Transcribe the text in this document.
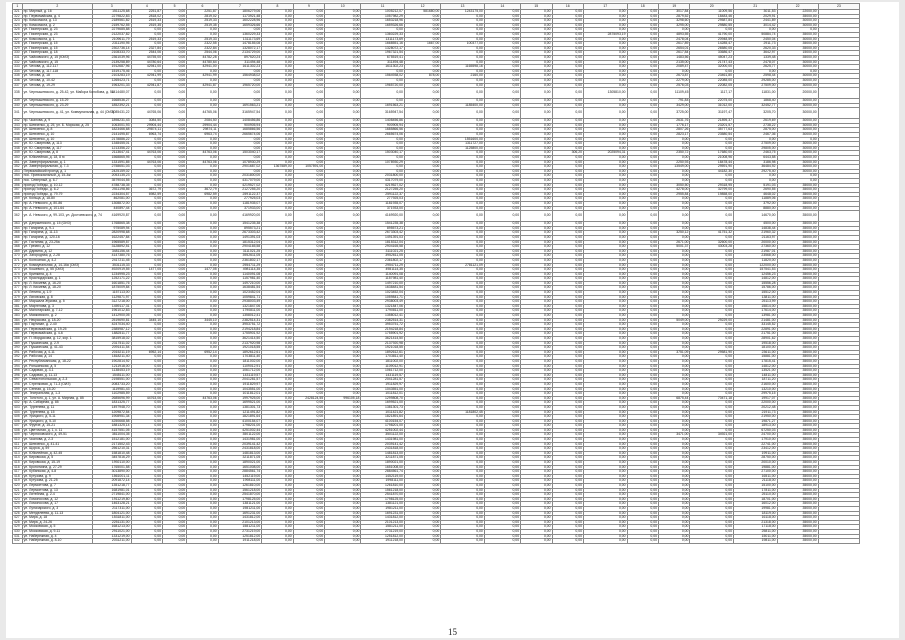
1	2	3	4	5	6	7	8	9	10	11	12	13	14	15	16	17	18	19	20	21	22	23
321	пр. Мирный, д. 16	1511125,68	2251,87	0,00	2251,87	1806279,06	0,00	0,00	0,00	1005212,07	581680,00	1243175,00	0,00	0,00	0,00	0,00	0,00	3017,84	11009,56	3011,53	22000,00	
322	пр. Первомайская, д. 4	2279822,83	2818,02	0,00	2819,02	1173921,48	0,00	0,00	0,00	1057982,29	0,00	0,00	0,00	0,00	0,00	0,00	0,00	2879,52	18483,46	2029,91	35000,00	
323	пр. Комсомола, д. 13	2189561,82	2519,33	0,00	2519,33	1602228,96	0,00	0,00	0,00	1653218,96	0,00	0,00	0,00	0,00	0,00	0,00	0,00	3298,60	29587,84	2441,89	30000,00	
324	пр. Комсомола, д. 2	2159762,55	2519,35	0,00	2519,35	1659326,66	0,00	0,00	0,00	1659326,66	0,00	0,00	0,00	0,00	0,00	0,00	0,00	3295,00	29880,55	3014,42	30000,00	
325	ул. Пионерская, д. 23	2279685,88	0,00	0,00	0,00	0,00	0,00	0,00	0,00	0,00	0,00	0,00	0,00	0,00	0,00	0,00	0,00	0,00	0,00	0,00	0,00	
326	ул. Пионерская, д. 23	2122037,82	0,00	0,00	0,00	1360229,33	0,00	0,00	0,00	1360229,33	0,00	0,00	0,00	0,00	0,00	2875093,19	0,00	4893,55	41790,00	50884,74	35000,00	
327	ул. Комсомола, д. 1	2109611,79	2519,33	0,00	2519,33	1311173,69	0,00	0,00	0,00	1311173,69	0,00	0,00	0,00	0,00	0,00	0,00	0,00	2478,04	20948,59	2450,04	30000,00	
328	ул. Пионерская, д. 15	2311190,95	0,00	0,00	2322,55	1478155,08	0,00	0,00	0,00	1668551,16	1667,00	100377,00	0,00	0,00	0,00	0,00	0,00	2617,89	14285,47	2911,73	35000,00	
329	ул. Пионерская, д. 15	2302736,14	2327,84	0,00	2322,84	1328072,17	0,00	0,00	0,00	1328072,17	0,00	0,00	0,00	0,00	0,00	0,00	0,00	2654,01	26580,05	2620,33	35000,00	
330	ул. Пионерская, д. 18	2108333,70	2544,06	0,00	2544,06	2134729,00	0,00	0,00	0,00	1967321,54	0,00	0,00	0,00	0,00	0,00	0,00	0,00	2617,84	33686,47	3642,97	15000,00	
331	ул. Чайковского, д. 15 (ЮИЗ)	2361039,96	44755,00	0,00	44782,28	897520,24	0,00	0,00	0,00	675519,41	0,00	0,00	0,00	0,00	0,00	0,00	0,00	1483,56	45047,23	1339,48	35000,00	
332	ул. Чайковского, д. 15	2139258,89	44780,64	0,00	44780,64	311494,48	0,00	0,00	0,00	311494,48	0,00	0,00	0,00	0,00	0,00	0,00	0,00	2135,00	21747,43	2478,07	30000,00	
333	ул. Чехова, д. 112-117	1912687,96	42941,00	0,00	42941,00	1611302,23	0,00	0,00	0,00	1611302,23	0,00	1165598,16	0,00	0,00	0,00	0,00	0,00	2089,47	32000,00	2625,77	30000,00	
334	ул. Чехова, д. 117-118	1519175,46	0,00	0,00	0,00	0,00	0,00	0,00	0,00	0,00	0,00	0,00	0,00	0,00	0,00	0,00	0,00	0,00	0,00	0,00	0,00	
335	ул. Чехова, д. 18	2103283,19	42941,99	0,00	42941,99	1564938,02	0,00	0,00	0,00	1564938,02	878,00	2160,00	0,00	0,00	0,00	0,00	0,00	2673,87	23461,80	2598,44	30000,00	
336	ул. Чехова, д. 10-42	1265423,71	0,00	0,00	0,00	0,00	0,00	0,00	0,00	0,00	0,00	0,00	0,00	0,00	0,00	0,00	0,00	2279,00	22085,00	29285,00	30000,00	
337	ул. Чехова, д. 19-29	1963201,33	42941,87	0,00	42941,87	1965720,00	0,00	0,00	0,00	1965720,00	0,00	0,00	0,00	0,00	0,00	0,00	0,00	2576,03	22082,05	27509,00	30000,00	
338	ул. Чернышевского, д. 25-42, ул. Майора Колобова, д. 54	1414480,07	0,00	0,00	0,00	0,00	0,00	0,00	0,00	0,00	0,00	0,00	0,00	0,00	0,00	1305810,00	0,00	11109,45	1117,17	11831,00	20000,00	
339	ул. Чернышевского, д. 15-29	1668536,27	0,00	0,00	0,00	0,00	0,00	0,00	0,00	0,00	0,00	0,00	0,00	0,00	0,00	0,00	0,00	791,84	22075,00	1868,40	30000,00	
340	ул. Чернышевского, д. 23-29	1852392,21	0,00	0,00	0,00	1691563,21	0,00	0,00	0,00	1691563,21	0,00	1185400,00	0,00	0,00	0,00	0,00	0,00	3429,00	31012,00	32452,77	30000,00	
341	ул. Чернышевского, д. 41, ул. Коммунальная, д. 44 (ОИЗ)	3085431,22	44765,06	0,00	44765,06	3165947,54	0,00	0,00	0,00	3165947,54	0,00	0,00	0,00	0,00	0,00	0,00	0,00	3725,00	31197,47	3205,70	30000,00	
342	пр. Чкалова, д. 9	1898231,43	3084,50	0,00	2084,50	1408456,86	0,00	0,00	0,00	1408456,86	0,00	0,00	0,00	0,00	0,00	0,00	0,00	2631,76	21895,37	2619,69	30000,00	
343	пр. Шевченко, д. 25, ул. Б. Морская, д. 25	1063001,93	29904,44	0,00	29904,44	900905,94	0,00	0,00	0,00	900905,94	0,00	0,00	0,00	0,00	0,00	0,00	0,00	1776,17	23201,57	2738,22	30000,00	
344	ул. Шевченко, д. 8	1823466,68	29874,11	0,00	29874,11	1685866,56	0,00	0,00	0,00	1685866,56	0,00	0,00	0,00	0,00	0,00	0,00	0,00	2807,26	35777,63	2875,00	30000,00	
345	ул. Шевченко, д. 10	2141495,87	6963,74	0,00	6963,74	2665674,06	0,00	0,00	0,00	2665674,06	0,00	0,00	0,00	0,00	0,00	0,00	0,00	2823,17	23580,54	2467,36	30000,00	
346	ул. Шевченко, д. 10	2178886,22	0,00	0,00	0,00	0,00	0,00	0,00	0,00	0,00	0,00	1551600,00	0,00	0,00	0,00	0,00	0,00	0,00	0,00	0,00	0,00	
347	ул. Ю. Смирнова, д. 113	1348455,01	0,00	0,00	0,00	0,00	0,00	0,00	0,00	0,00	0,00	1311727,00	0,00	0,00	0,00	0,00	0,00	0,00	0,00	27509,00	30000,00	
348	ул. Ю. Смирнова, д. 117	1213356,22	0,00	0,00	0,00	0,00	0,00	0,00	0,00	0,00	0,00	1125800,00	0,00	0,00	0,00	0,00	0,00	0,00	0,00	29805,00	30000,00	
349	ул. Ю. Смирнова, д. 8	2113647,41	44763,06	0,00	44763,06	1503040,17	0,00	0,00	0,00	1503040,17	0,00	0,00	0,00	0,00	306,20	2025094,31	0,00	2350,72	17680,00	2463,75	30000,00	
350	ул. Юбилейная, д. 18, 8 ю	1568865,95	0,00	0,00	0,00	0,00	0,00	0,00	0,00	0,00	0,00	0,00	0,00	0,00	0,00	0,00	0,00	0,00	21008,96	6443,58	30000,00	
351	ул. Завертфиральная, д. 1	1331591,85	44763,06	0,00	44763,06	1078930,29	0,00	0,00	0,00	1078930,29	0,00	0,00	0,00	0,00	0,00	0,00	0,00	2250,93	18478,44	3186,98	30000,00	
352	ул. Завертфиральная, д. 7-3	2758651,03	0,00	0,00	0,00	2901687,02	1367589,00	1057591,00	0,00	0,00	0,00	0,00	0,00	0,00	0,00	0,00	0,00	13549,00	29591,90	36484,92	30000,00	
353	Первомайский проезд, д. 1	2425159,02	0,00	0,00	0,00	0,00	0,00	0,00	0,00	0,00	0,00	0,00	0,00	0,00	0,00	0,00	0,00	0,00	44182,30	29275,40	30000,00	
354	пос. Привокзальный, д. 15-3ж	2053135,23	0,00	0,00	0,00	2031800,00	0,00	0,00	0,00	2031800,00	0,00	0,00	0,00	0,00	0,00	0,00	0,00	0,00	0,00	0,00	0,00	
355	пос. Северный, д. 6-7	3579044,55	0,00	0,00	0,00	4317079,00	0,00	0,00	0,00	4317079,00	0,00	0,00	0,00	0,00	0,00	0,00	0,00	0,00	0,00	0,00	0,00	
356	проезд Победы, д. 10-12	4788738,35	0,00	0,00	0,00	4219527,02	0,00	0,00	0,00	4219527,02	0,00	0,00	0,00	0,00	0,00	0,00	0,00	3050,50	29318,95	5191,03	35000,00	
357	проезд Победы, д. 6-2	2511198,86	3672,79	0,00	3672,79	2127255,20	0,00	0,00	0,00	2127255,20	0,00	0,00	0,00	0,00	0,00	0,00	0,00	4278,00	32799,00	2690,55	35000,00	
358	проезд Победы, д. 79-79	2234304,57	6982,59	0,00	6982,59	2591122,37	0,00	0,00	0,00	2591122,37	0,00	0,00	0,00	0,00	0,00	0,00	0,00	2955,84	19858,00	4648,02	35000,00	
359	ул. Кольца, д. 18-80	462081,00	0,00	0,00	0,00	277925,03	0,00	0,00	0,00	277925,03	0,00	0,00	0,00	0,00	0,00	0,00	0,00	0,00	0,00	11889,06	35000,00	
360	пр. А. Невского, д. 80-86	1308872,00	0,00	0,00	0,00	1181935,07	0,00	0,00	0,00	1181935,07	0,00	0,00	0,00	0,00	0,00	0,00	0,00	0,00	0,00	3792,00	35000,00	
361	пр. А. Невского, д. 101-64	440897,44	0,00	0,00	0,00	371933,00	0,00	0,00	0,00	371933,00	0,00	0,00	0,00	0,00	0,00	0,00	0,00	0,00	0,00	8880,00	35000,00	
362	ул. А. Невского, д. 99-103, ул. Достоевского, д. 74	4169920,87	0,00	0,00	0,00	4169920,00	0,00	0,00	0,00	4169920,00	0,00	0,00	0,00	0,00	0,00	0,00	0,00	0,00	0,00	14670,00	35000,00	
363	ул. Дзержинского, д. 15 (ОИЗ)	1768865,38	0,00	0,00	0,00	1541235,38	0,00	0,00	0,00	1541235,38	0,00	0,00	0,00	0,00	0,00	0,00	0,00	0,00	0,00	4500,00	35000,00	
364	пр. Гагарина, д. 9-1	975089,94	0,00	0,00	0,00	895573,21	0,00	0,00	0,00	895573,21	0,00	0,00	0,00	0,00	0,00	0,00	0,00	0,00	0,00	14838,44	35000,00	
365	пр. Гагарина, д. 11-13	2820998,68	0,00	0,00	0,00	2673303,42	0,00	0,00	0,00	2673303,42	0,00	0,00	0,00	0,00	0,00	0,00	0,00	3250,12	41751,32	21960,32	35000,00	
366	пр. Гагарина, д. 120-16	1622457,84	0,00	0,00	0,00	1491391,03	0,00	0,00	0,00	1491391,03	0,00	0,00	0,00	0,00	0,00	0,00	0,00	0,00	0,00	21163,97	35000,00	
367	ул. Гостиная, д. 23-25а	1965589,57	0,00	0,00	0,00	1815312,04	0,00	0,00	0,00	1815312,04	0,00	0,00	0,00	0,00	0,00	0,00	0,00	2671,00	32600,00	20000,00	35000,00	
368	ул. Гремяч, д. 12	3128892,51	0,00	0,00	0,00	2904165,58	0,00	0,00	0,00	2904165,58	0,00	0,00	0,00	0,00	0,00	0,00	0,00	5001,37	43003,28	27360,00	35000,00	
369	ул. Дарвина, д. 12	3481156,44	0,00	0,00	0,00	3111021,25	0,00	0,00	0,00	3111021,25	0,00	0,00	0,00	0,00	0,00	0,00	0,00	0,00	0,00	21987,01	35000,00	
370	ул. Загородная, д. 2-28	4147380,76	0,00	0,00	0,00	3952611,05	0,00	0,00	0,00	3952611,05	0,00	0,00	0,00	0,00	0,00	0,00	0,00	0,00	0,00	23568,00	35000,00	
371	ул. Колхозная, д. 4-2	2417211,45	0,00	0,00	0,00	2361802,17	0,00	0,00	0,00	2361802,17	0,00	0,00	0,00	0,00	0,00	0,00	0,00	0,00	0,00	11820,00	35000,00	
372	ул. Коммунальная, д. 14-16а (ОИЗ)	3531115,33	0,00	0,00	0,00	2954711,29	0,00	0,00	0,00	2954711,29	0,00	2781121,09	0,00	0,00	0,00	0,00	0,00	0,00	0,00	122000,00	35000,00	
373	ул. Кошевого, д. 55 (ОИЗ)	4920919,55	1477,05	0,00	1477,05	4981114,35	0,00	0,00	0,00	4981114,35	0,00	0,00	0,00	0,00	0,00	0,00	0,00	0,00	0,00	157541,53	35000,00	
374	ул. Кринкина, д. 4	1234995,23	0,00	0,00	0,00	1140091,08	0,00	0,00	0,00	1140091,08	0,00	0,00	0,00	0,00	0,00	0,00	0,00	0,00	0,00	12456,23	35000,00	
375	ул. Краснодарская, д. 1	1252171,22	0,00	0,00	0,00	1157981,40	0,00	0,00	0,00	1157981,40	0,00	0,00	0,00	0,00	0,00	0,00	0,00	0,00	0,00	14812,00	35000,00	
376	пр. Л. Кисиева, д. 16-20	1601851,76	0,00	0,00	0,00	1497210,00	0,00	0,00	0,00	1497210,00	0,00	0,00	0,00	0,00	0,00	0,00	0,00	0,00	0,00	15556,28	35000,00	
377	пр. Л. Кисиева, д. 18-20	1875009,84	0,00	0,00	0,00	1638481,54	0,00	0,00	0,00	1638481,54	0,00	0,00	0,00	0,00	0,00	0,00	0,00	0,00	0,00	15786,00	35000,00	
378	ул. Ленина, д. 1-9	1157113,00	0,00	0,00	0,00	1023452,04	0,00	0,00	0,00	1023452,04	0,00	0,00	0,00	0,00	0,00	0,00	0,00	0,00	0,00	15512,00	35000,00	
379	ул. Лиговская, д. 8	1129871,97	0,00	0,00	0,00	1059841,71	0,00	0,00	0,00	1059841,71	0,00	0,00	0,00	0,00	0,00	0,00	0,00	0,00	0,00	13811,00	35000,00	
380	ул. Маршала Жукова, д. 5	3127218,00	0,00	0,00	0,00	2938003,49	0,00	0,00	0,00	2938003,49	0,00	0,00	0,00	0,00	0,00	0,00	0,00	0,00	0,00	25113,99	35000,00	
381	ул. Маргелова, д. 3	1459117,31	0,00	0,00	0,00	1321847,06	0,00	0,00	0,00	1321847,06	0,00	0,00	0,00	0,00	0,00	0,00	0,00	0,00	0,00	15814,00	35000,00	
382	ул. Малотарская, д. 7-12	1961012,83	0,00	0,00	0,00	1790811,00	0,00	0,00	0,00	1790811,00	0,00	0,00	0,00	0,00	0,00	0,00	0,00	0,00	0,00	17614,00	35000,00	
383	ул. Маяковского, д. 2	1412900,05	0,00	0,00	0,00	1358012,41	0,00	0,00	0,00	1358012,41	0,00	0,00	0,00	0,00	0,00	0,00	0,00	0,00	0,00	13981,00	35000,00	
384	ул. Некрасова, д. 18-20	2519690,81	3445,10	0,00	3445,10	2382514,31	0,00	0,00	0,00	2382514,31	0,00	0,00	0,00	0,00	0,00	0,00	0,00	5049,00	29229,00	21481,00	35000,00	
385	пр. Партизан, д. 2-40	4247034,40	0,00	0,00	0,00	3953751,72	0,00	0,00	0,00	3953751,72	0,00	0,00	0,00	0,00	0,00	0,00	0,00	0,00	0,00	33145,52	35000,00	
386	ул. Первомайская, д. 19-25	2385987,12	0,00	0,00	0,00	2194218,84	0,00	0,00	0,00	2194218,84	0,00	0,00	0,00	0,00	0,00	0,00	0,00	0,00	0,00	22891,00	35000,00	
387	ул. Первомайская, д. 4-6	1882511,77	0,00	0,00	0,00	1755901,92	0,00	0,00	0,00	1755901,92	0,00	0,00	0,00	0,00	0,00	0,00	0,00	0,00	0,00	21751,00	35000,00	
388	ул. П. Мордасова, д. 12, кор. 1	3815918,02	0,00	0,00	0,00	3621414,50	0,00	0,00	0,00	3621414,50	0,00	0,00	0,00	0,00	0,00	0,00	0,00	0,00	0,00	28901,62	35000,00	
389	ул. Пушкинская, д. 2-9	2317511,02	0,00	0,00	0,00	2137920,98	0,00	0,00	0,00	2137920,98	0,00	0,00	0,00	0,00	0,00	0,00	0,00	0,00	0,00	19518,00	35000,00	
390	ул. Пушкинская, д. 41-43	2091411,54	0,00	0,00	0,00	1921018,55	0,00	0,00	0,00	1921018,55	0,00	0,00	0,00	0,00	0,00	0,00	0,00	0,00	0,00	18100,00	35000,00	
391	ул. Рабочая, д. 4-11	2015211,19	6952,14	0,00	6952,14	1892612,61	0,00	0,00	0,00	1892612,61	0,00	0,00	0,00	0,00	0,00	0,00	0,00	3751,09	29581,90	23611,00	35000,00	
392	ул. Рабочая, д. 14	1818211,40	0,00	0,00	0,00	1703811,40	0,00	0,00	0,00	1703811,40	0,00	0,00	0,00	0,00	0,00	0,00	0,00	0,00	0,00	15881,00	35000,00	
393	ул. Республиканская, д. 18-22	1902814,92	0,00	0,00	0,00	1811002,00	0,00	0,00	0,00	1811002,00	0,00	0,00	0,00	0,00	0,00	0,00	0,00	0,00	0,00	17815,41	35000,00	
394	ул. Ропшинская, д. 5	1211918,00	0,00	0,00	0,00	1109012,91	0,00	0,00	0,00	1109012,91	0,00	0,00	0,00	0,00	0,00	0,00	0,00	0,00	0,00	14812,00	35000,00	
395	ул. Садовая, д. 3-1	1138453,19	0,00	0,00	0,00	1061712,00	0,00	0,00	0,00	1061712,00	0,00	0,00	0,00	0,00	0,00	0,00	0,00	0,00	0,00	13521,00	35000,00	
396	ул. Садовая, д. 11-13	1545111,00	0,00	0,00	0,00	1431119,57	0,00	0,00	0,00	1431119,57	0,00	0,00	0,00	0,00	0,00	0,00	0,00	0,00	0,00	14811,00	35000,00	
397	ул. Севастопольская, д. 2-3	2198551,00	0,00	0,00	0,00	2041281,57	0,00	0,00	0,00	2041281,57	0,00	0,00	0,00	0,00	0,00	0,00	0,00	0,00	0,00	18711,20	35000,00	
398	ул. Стрелковая, д. 71-3 (ОИЗ)	2083733,20	0,00	0,00	0,00	1911829,97	0,00	0,00	0,00	1911829,97	0,00	0,00	0,00	0,00	0,00	0,00	0,00	0,00	0,00	21600,00	35000,00	
399	ул. Сенная, д. 15-20	1119981,43	0,00	0,00	0,00	1043551,00	0,00	0,00	0,00	1043551,00	0,00	0,00	0,00	0,00	0,00	0,00	0,00	0,00	0,00	13210,00	35000,00	
400	ул. Театральная, д. 1-3	1102985,59	0,00	0,00	0,00	1011812,01	0,00	0,00	0,00	1011812,01	0,00	0,00	0,00	0,00	0,00	0,00	0,00	0,00	0,00	29975,15	35000,00	
401	ул. Толстого, д. 1, ул. А. Мирная, д. 85	2685696,99	44763,06	0,00	44763,06	1997925,00	0,00	2428124,55	996105,18	1299808,70	0,00	0,00	0,00	0,00	0,00	0,00	0,00	6875,44	70471,18	19917,07	35000,00	
402	пр. А. Сибирная, д. 85	1831325,77	0,00	0,00	0,00	1699521,00	0,00	0,00	0,00	1699521,00	0,00	0,00	0,00	0,00	0,00	0,00	0,00	0,00	0,00	22000,00	35000,00	
403	ул. Тургенева, д. 11	1497948,70	0,00	0,00	0,00	1381301,73	0,00	0,00	0,00	1381301,73	0,00	0,00	0,00	0,00	0,00	0,00	0,00	0,00	0,00	20212,48	35000,00	
404	ул. Тургенева, д. 15	1209872,54	0,00	0,00	0,00	1211491,82	0,00	0,00	0,00	1011421,82	0,00	1181802,45	0,00	0,00	0,00	0,00	0,00	0,00	0,00	21911,73	35000,00	
405	ул. Урицкого, д. 5-11	1908951,34	0,00	0,00	0,00	1821891,64	0,00	0,00	0,00	1821891,64	0,00	0,00	0,00	0,00	0,00	0,00	0,00	0,00	0,00	21950,00	35000,00	
406	ул. Урицкого, д. 5-10	4250668,58	0,00	0,00	0,00	4100154,07	0,00	0,00	0,00	4100154,07	0,00	0,00	0,00	0,00	0,00	0,00	0,00	0,00	0,00	19871,27	35000,00	
407	ул. Фрунзе, д. 15-21	1881325,14	0,00	0,00	0,00	1798201,00	0,00	0,00	0,00	1798201,00	0,00	0,00	0,00	0,00	0,00	0,00	0,00	0,00	0,00	18913,00	35000,00	
408	ул. Цветочная, д. 1, к. 11	4157551,05	0,00	0,00	0,00	4251002,44	0,00	0,00	0,00	4251002,44	0,00	0,00	0,00	0,00	0,00	0,00	0,00	0,00	0,00	67250,03	35000,00	
409	пр. Черняховского, д. 49-51	3811004,35	0,00	0,00	0,00	3501122,00	0,00	0,00	0,00	3501122,00	0,00	0,00	0,00	0,00	0,00	0,00	0,00	3471,00	34921,00	24700,00	35000,00	
410	ул. Чкалова, д. 2-3	1512181,00	0,00	0,00	0,00	1431981,00	0,00	0,00	0,00	1431981,00	0,00	0,00	0,00	0,00	0,00	0,00	0,00	0,00	0,00	17910,00	35000,00	
411	ул. Шевченко, д. 41-41	2171502,43	0,00	0,00	0,00	2039141,42	0,00	0,00	0,00	2039141,42	0,00	0,00	0,00	0,00	0,00	0,00	0,00	0,00	0,00	22741,00	35000,00	
412	ул. Щорса, д. 59	2561210,31	0,00	0,00	0,00	2431818,00	0,00	0,00	0,00	2431818,00	0,00	0,00	0,00	0,00	0,00	0,00	0,00	0,00	0,00	23412,00	35000,00	
413	ул. Юбилейная, д. 42-45	1581810,48	0,00	0,00	0,00	1481813,00	0,00	0,00	0,00	1481813,00	0,00	0,00	0,00	0,00	0,00	0,00	0,00	0,00	0,00	19911,00	35000,00	
414	ул. Кировская, д. 5	3457816,29	0,00	0,00	0,00	3211871,05	0,00	0,00	0,00	3211871,05	0,00	0,00	0,00	0,00	0,00	0,00	0,00	0,00	0,00	28750,00	35000,00	
415	ул. Кировская, д. 15-19	1992110,00	0,00	0,00	0,00	1890021,00	0,00	0,00	0,00	1890021,00	0,00	0,00	0,00	0,00	0,00	0,00	0,00	0,00	0,00	20010,00	35000,00	
416	ул. Кропоткина, д. 27-29	1765001,58	0,00	0,00	0,00	1651008,00	0,00	0,00	0,00	1651008,00	0,00	0,00	0,00	0,00	0,00	0,00	0,00	0,00	0,00	19881,00	35000,00	
417	ул. Кубанская, д. 4-8	3013890,00	0,00	0,00	0,00	2884561,74	0,00	0,00	0,00	2884561,74	0,00	0,00	0,00	0,00	0,00	0,00	0,00	0,00	0,00	27100,00	35000,00	
418	ул. Кутузова, д. 9	1561001,11	0,00	0,00	0,00	1452119,00	0,00	0,00	0,00	1452119,00	0,00	0,00	0,00	0,00	0,00	0,00	0,00	0,00	0,00	16511,00	35000,00	
419	ул. Кутузова, д. 21-25	2091872,14	0,00	0,00	0,00	1998111,00	0,00	0,00	0,00	1998111,00	0,00	0,00	0,00	0,00	0,00	0,00	0,00	0,00	0,00	21118,00	35000,00	
420	ул. Лермонтова, д. 7	1351218,77	0,00	0,00	0,00	1261810,00	0,00	0,00	0,00	1261810,00	0,00	0,00	0,00	0,00	0,00	0,00	0,00	0,00	0,00	15100,00	35000,00	
421	ул. Лермонтова, д. 13	1681981,01	0,00	0,00	0,00	1561218,00	0,00	0,00	0,00	1561218,00	0,00	0,00	0,00	0,00	0,00	0,00	0,00	0,00	0,00	17811,00	35000,00	
422	ул. Литейная, д. 2-4	2719841,00	0,00	0,00	0,00	2541870,00	0,00	0,00	0,00	2541870,00	0,00	0,00	0,00	0,00	0,00	0,00	0,00	0,00	0,00	25110,00	35000,00	
423	ул. Ломоносова, д. 12	1911219,80	0,00	0,00	0,00	1798125,00	0,00	0,00	0,00	1798125,00	0,00	0,00	0,00	0,00	0,00	0,00	0,00	0,00	0,00	18701,00	35000,00	
424	ул. Ломоносова, д. 17	1463128,21	0,00	0,00	0,00	1381121,00	0,00	0,00	0,00	1381121,00	0,00	0,00	0,00	0,00	0,00	0,00	0,00	0,00	0,00	16012,00	35000,00	
425	ул. Луначарского, д. 3	2117311,00	0,00	0,00	0,00	1981211,00	0,00	0,00	0,00	1981211,00	0,00	0,00	0,00	0,00	0,00	0,00	0,00	0,00	0,00	19981,00	35000,00	
426	ул. Менделеева, д. 11-13	1804121,00	0,00	0,00	0,00	1691231,00	0,00	0,00	0,00	1691231,00	0,00	0,00	0,00	0,00	0,00	0,00	0,00	0,00	0,00	18119,00	35000,00	
427	ул. Мира, д. 18	1531811,00	0,00	0,00	0,00	1431812,00	0,00	0,00	0,00	1431812,00	0,00	0,00	0,00	0,00	0,00	0,00	0,00	0,00	0,00	16118,00	35000,00	
428	ул. Мира, д. 24-26	2251131,00	0,00	0,00	0,00	2101213,00	0,00	0,00	0,00	2101213,00	0,00	0,00	0,00	0,00	0,00	0,00	0,00	0,00	0,00	21318,00	35000,00	
429	ул. Московская, д. 5	1681213,00	0,00	0,00	0,00	1581211,00	0,00	0,00	0,00	1581211,00	0,00	0,00	0,00	0,00	0,00	0,00	0,00	0,00	0,00	17118,00	35000,00	
430	ул. Московская, д. 9-11	2911021,00	0,00	0,00	0,00	2731219,00	0,00	0,00	0,00	2731219,00	0,00	0,00	0,00	0,00	0,00	0,00	0,00	0,00	0,00	25811,00	35000,00	
431	ул. Набережная, д. 4	1331219,00	0,00	0,00	0,00	1251812,00	0,00	0,00	0,00	1251812,00	0,00	0,00	0,00	0,00	0,00	0,00	0,00	0,00	0,00	15011,00	35000,00	
432	ул. Набережная, д. 8-10	2031211,00	0,00	0,00	0,00	1911218,00	0,00	0,00	0,00	1911218,00	0,00	0,00	0,00	0,00	0,00	0,00	0,00	0,00	0,00	19811,00	35000,00	
15
